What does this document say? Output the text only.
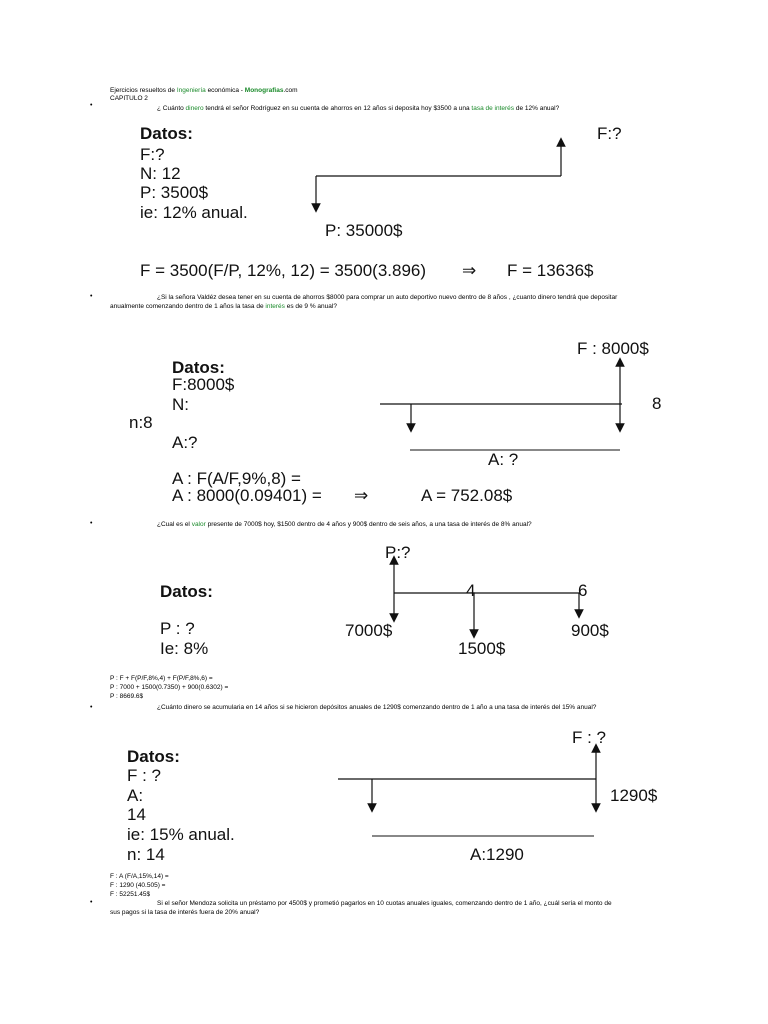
Ejercicios resueltos de Ingeniería económica - Monografias.com
CAPITULO 2
•	¿ Cuánto dinero tendrá el señor Rodríguez en su cuenta de ahorros en 12 años si deposita hoy $3500 a una tasa de interés de 12% anual?
Datos:
F:?
N: 12
P: 3500$
ie: 12% anual.
F:?
P: 35000$
F = 3500(F/P, 12%, 12) = 3500(3.896) ⇒ F = 13636$
•	¿Si la señora Valdéz desea tener en su cuenta de ahorros $8000 para comprar un auto deportivo nuevo dentro de 8 años , ¿cuanto dinero tendrá que depositar
anualmente comenzando dentro de 1 años la tasa de interés es de 9 % anual?
Datos:
F:8000$
N:
n:8
A:?
F : 8000$
8
A: ?
A : F(A/F,9%,8) =
A : 8000(0.09401) = ⇒	A = 752.08$
•	¿Cual es el valor presente de 7000$ hoy, $1500 dentro de 4 años y 900$ dentro de seis años, a una tasa de interés de 8% anual?
P:?
Datos:	4	6
P : ?	7000$	900$
Ie: 8%	1500$
P : F + F(P/F,8%,4) + F(P/F,8%,6) =
P : 7000 + 1500(0.7350) + 900(0.6302) =
P : 8669.6$
•	¿Cuánto dinero se acumularia en 14 años si se hicieron depósitos anuales de 1290$ comenzando dentro de 1 año a una tasa de interés del 15% anual?
F : ?
Datos:
F : ?
A:	1290$
14
ie: 15% anual.
n: 14	A:1290
F : A (F/A,15%,14) =
F : 1290 (40.505) =
F : 52251.45$
•	Si el señor Mendoza solicita un préstamo por 4500$ y prometió pagarlos en 10 cuotas anuales iguales, comenzando dentro de 1 año, ¿cuál sería el monto de
sus pagos si la tasa de interés fuera de 20% anual?
